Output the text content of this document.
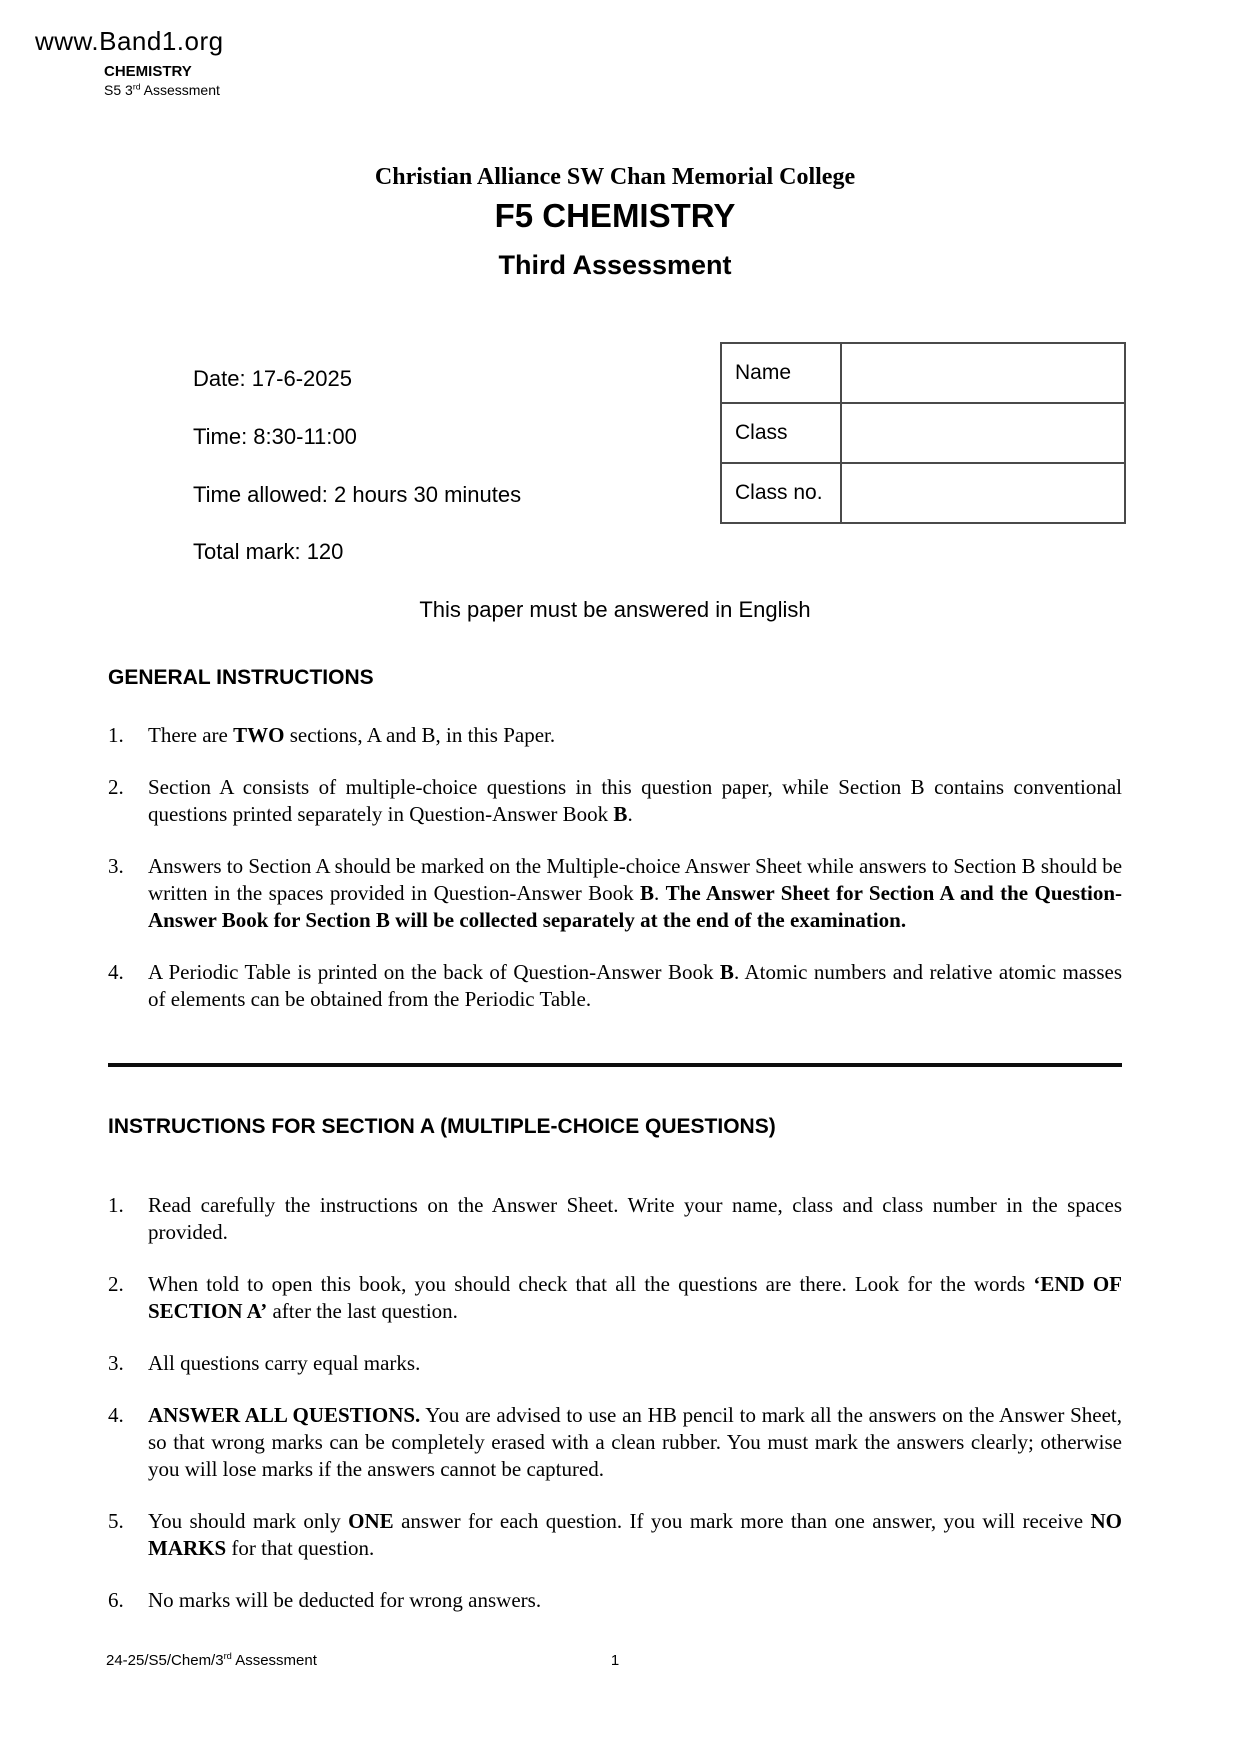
www.Band1.org
CHEMISTRY
S5 3rd Assessment
Christian Alliance SW Chan Memorial College
F5 CHEMISTRY
Third Assessment
Date: 17-6-2025
Time: 8:30-11:00
Time allowed: 2 hours 30 minutes
Total mark: 120
Name	
Class	
Class no.	
This paper must be answered in English
GENERAL INSTRUCTIONS
1.	There are TWO sections, A and B, in this Paper.
2.	Section A consists of multiple-choice questions in this question paper, while Section B contains conventional questions printed separately in Question-Answer Book B.
3.	Answers to Section A should be marked on the Multiple-choice Answer Sheet while answers to Section B should be written in the spaces provided in Question-Answer Book B. The Answer Sheet for Section A and the Question-Answer Book for Section B will be collected separately at the end of the examination.
4.	A Periodic Table is printed on the back of Question-Answer Book B. Atomic numbers and relative atomic masses of elements can be obtained from the Periodic Table.
INSTRUCTIONS FOR SECTION A (MULTIPLE-CHOICE QUESTIONS)
1.	Read carefully the instructions on the Answer Sheet. Write your name, class and class number in the spaces provided.
2.	When told to open this book, you should check that all the questions are there. Look for the words ‘END OF SECTION A’ after the last question.
3.	All questions carry equal marks.
4.	ANSWER ALL QUESTIONS. You are advised to use an HB pencil to mark all the answers on the Answer Sheet, so that wrong marks can be completely erased with a clean rubber. You must mark the answers clearly; otherwise you will lose marks if the answers cannot be captured.
5.	You should mark only ONE answer for each question. If you mark more than one answer, you will receive NO MARKS for that question.
6.	No marks will be deducted for wrong answers.
24-25/S5/Chem/3rd Assessment	1
